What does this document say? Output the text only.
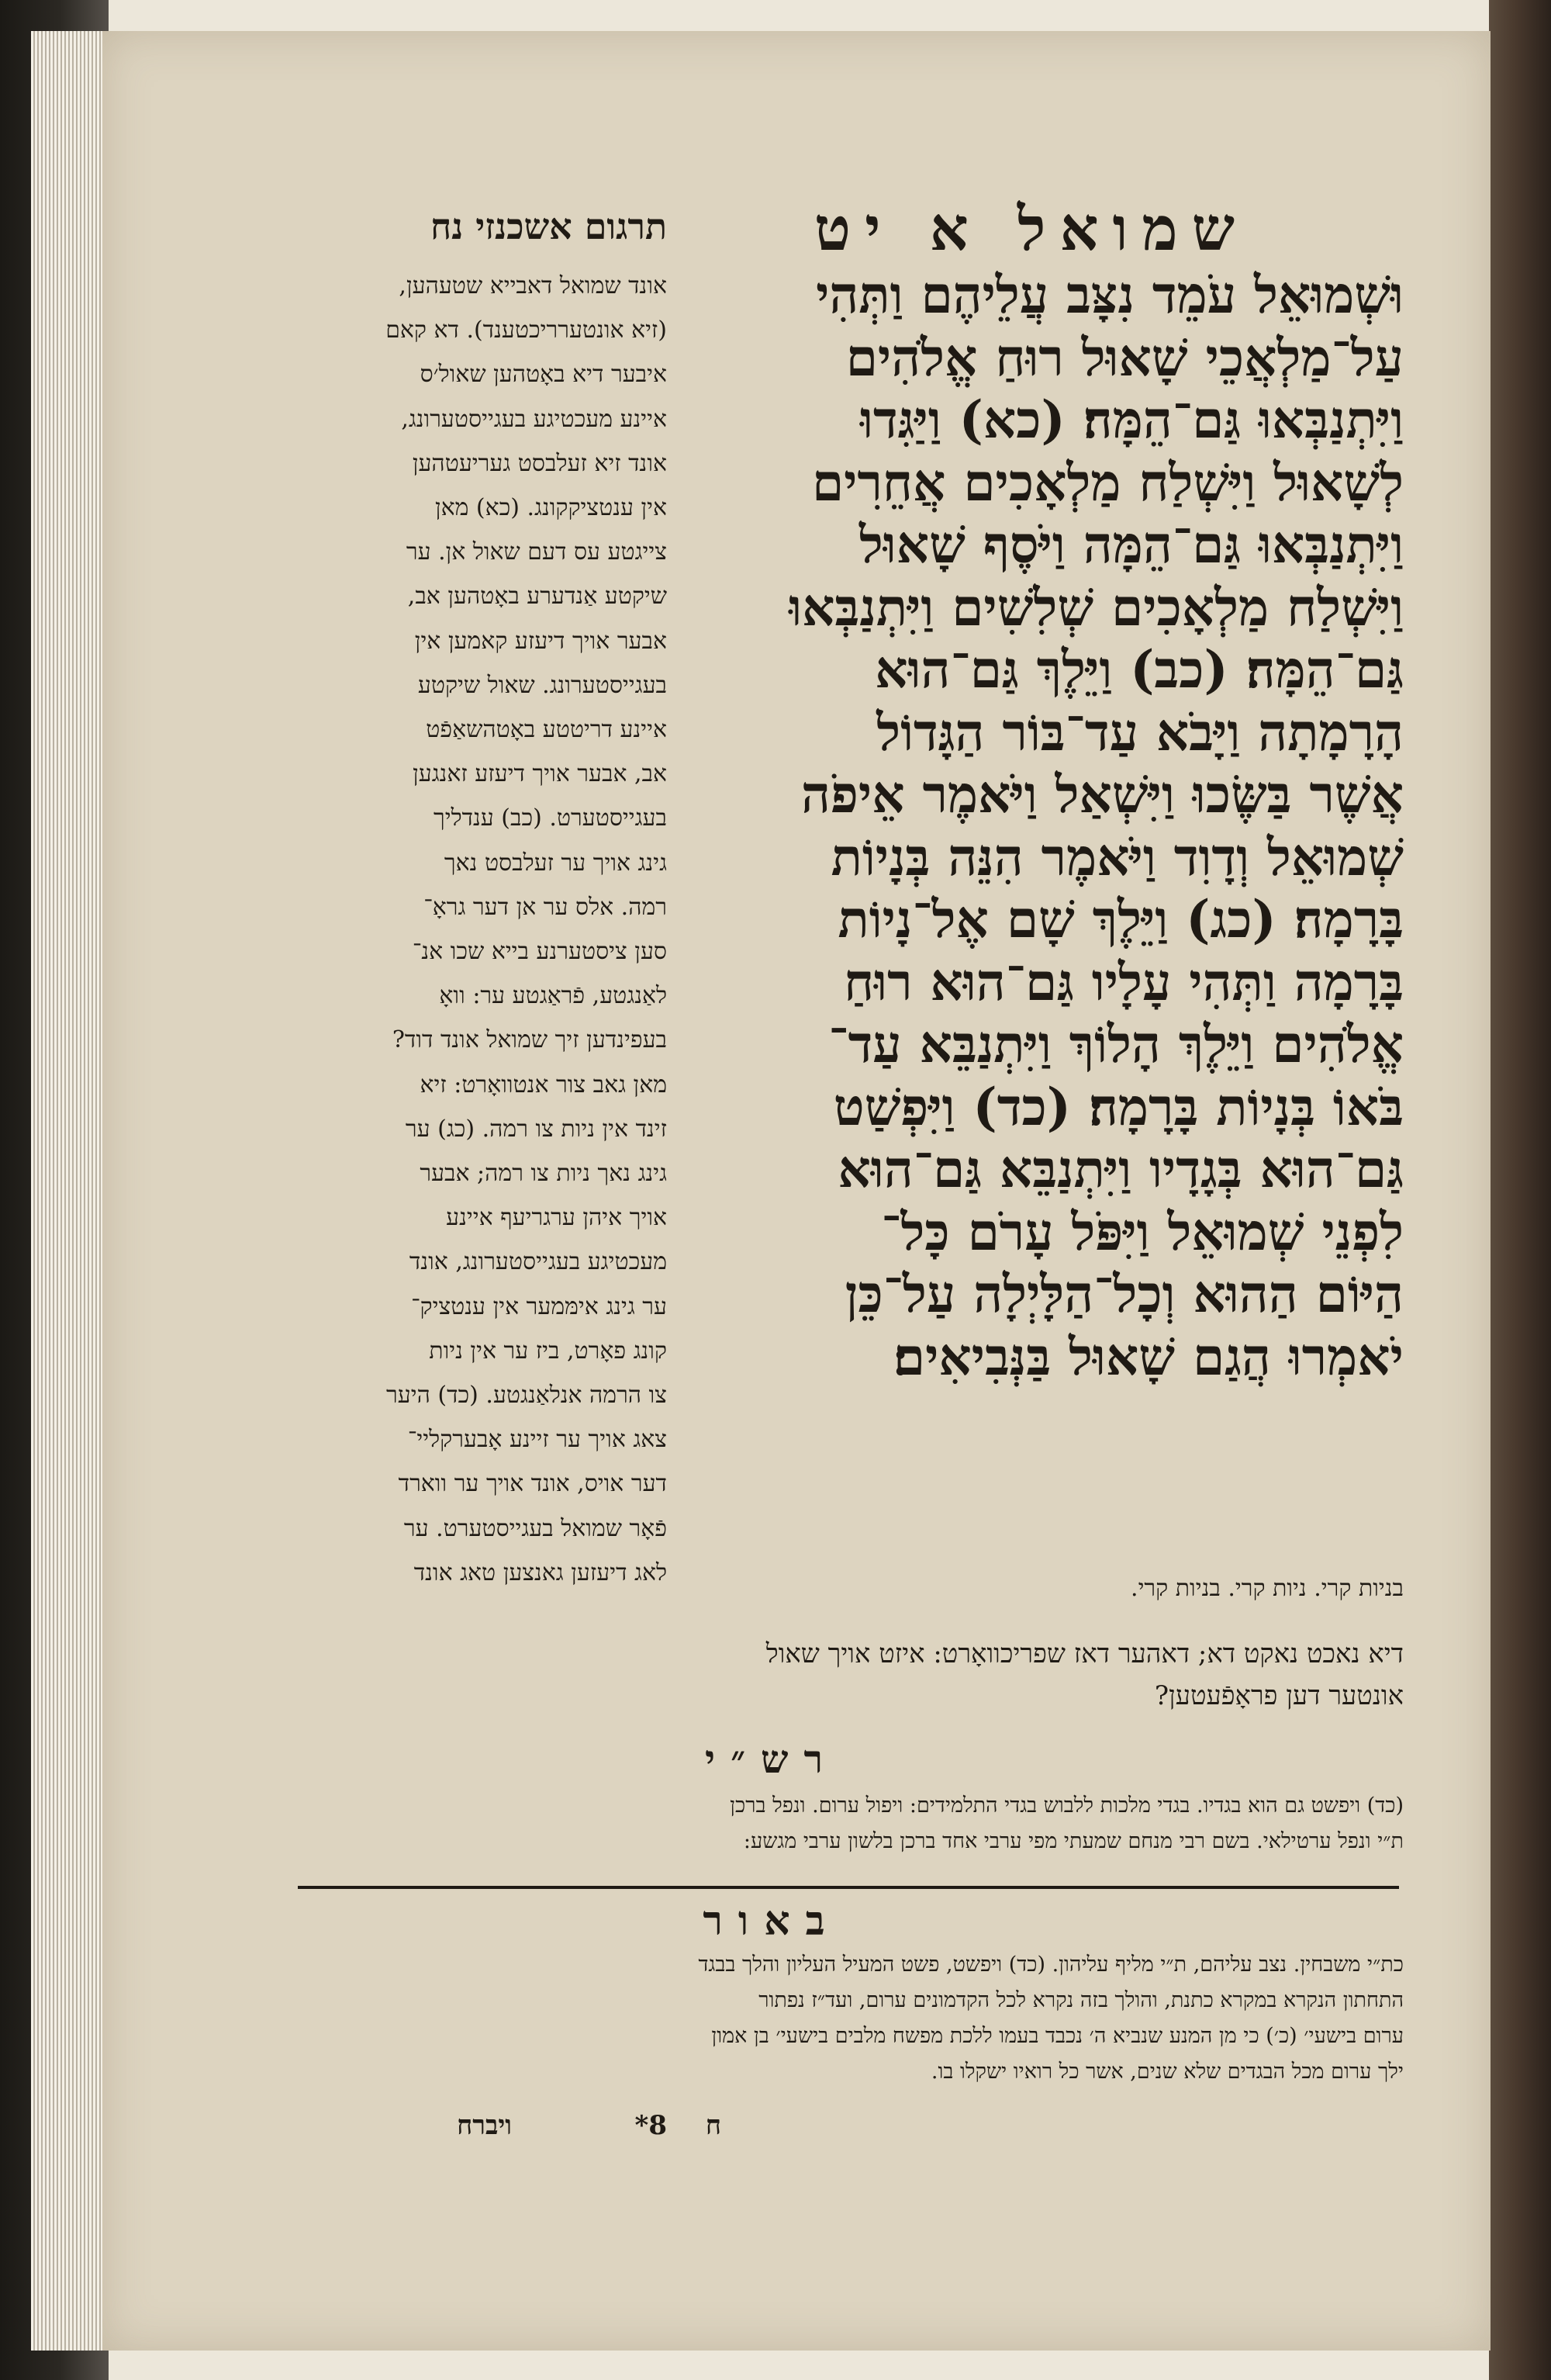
שמואל א יט
תרגום אשכנזי נח

וּשְׁמוּאֵל עֹמֵד נִצָּב עֲלֵיהֶם וַתְּהִי

עַל־מַלְאֲכֵי שָׁאוּל רוּחַ אֱלֹהִים

וַיִּתְנַבְּאוּ גַּם־הֵמָּה׃ (כא) וַיַּגִּדוּ

לְשָׁאוּל וַיִּשְׁלַח מַלְאָכִים אֲחֵרִים

וַיִּתְנַבְּאוּ גַּם־הֵמָּה וַיֹּסֶף שָׁאוּל

וַיִּשְׁלַח מַלְאָכִים שְׁלִשִׁים וַיִּתְנַבְּאוּ

גַּם־הֵמָּה׃ (כב) וַיֵּלֶךְ גַּם־הוּא

הָרָמָתָה וַיָּבֹא עַד־בּוֹר הַגָּדוֹל

אֲשֶׁר בַּשֶּׂכוּ וַיִּשְׁאַל וַיֹּאמֶר אֵיפֹה

שְׁמוּאֵל וְדָוִד וַיֹּאמֶר הִנֵּה בְּנָיוֹת

בָּרָמָה׃ (כג) וַיֵּלֶךְ שָׁם אֶל־נָיוֹת

בָּרָמָה וַתְּהִי עָלָיו גַּם־הוּא רוּחַ

אֱלֹהִים וַיֵּלֶךְ הָלוֹךְ וַיִּתְנַבֵּא עַד־

בֹּאוֹ בְּנָיוֹת בָּרָמָה׃ (כד) וַיִּפְשַׁט

גַּם־הוּא בְּגָדָיו וַיִּתְנַבֵּא גַּם־הוּא

לִפְנֵי שְׁמוּאֵל וַיִּפֹּל עָרֹם כָּל־

הַיּוֹם הַהוּא וְכָל־הַלָּיְלָה עַל־כֵּן

יֹאמְרוּ הֲגַם שָׁאוּל בַּנְּבִיאִים׃

אונד שמואל דאבייא שטעהען,

(זיא אונטערריכטענד). דא קאם

איבער דיא באָטהען שאול׳ס

איינע מעכטיגע בעגייסטערונג,

אונד זיא זעלבסט געריעטהען

אין ענטציקקונג. (כא) מאן

צייגטע עס דעם שאול אן. ער

שיקטע אַנדערע באָטהען אב,

אבער אויך דיעזע קאמען אין

בעגייסטערונג. שאול שיקטע

איינע דריטטע באָטהשאַפֿט

אב, אבער אויך דיעזע זאנגען

בעגייסטערט. (כב) ענדליך

גינג אויך ער זעלבסט נאך

רמה. אלס ער אן דער גראָ־

סען ציסטערנע בייא שכו אנ־

לאַנגטע, פֿראַגטע ער: וואָ

בעפינדען זיך שמואל אונד דוד?

מאן גאב צור אנטוואָרט: זיא

זינד אין ניות צו רמה. (כג) ער

גינג נאך ניות צו רמה; אבער

אויך איהן ערגריעף איינע

מעכטיגע בעגייסטערונג, אונד

ער גינג אימּמער אין ענטציק־

קונג פאָרט, ביז ער אין ניות

צו הרמה אנלאַנגטע. (כד) היער

צאג אויך ער זיינע אָבערקליי־

דער אויס, אונד אויך ער ווארד

פֿאָר שמואל בעגייסטערט. ער

לאג דיעזען גאנצען טאג אונד

בניות קרי. ניות קרי. בניות קרי.

דיא נאכט נאקט דא; דאהער דאז שפריכוואָרט: איזט אויך שאול

אונטער דען פראָפֿעטען?

רש״י

(כד) ויפשט גם הוא בגדיו. בגדי מלכות ללבוש בגדי התלמידים: ויפול ערום. ונפל ברכן

ת״י ונפל ערטילאי. בשם רבי מנחם שמעתי מפי ערבי אחד ברכן בלשון ערבי מגשע:

באור

כת״י משבחין. נצב עליהם, ת״י מליף עליהון. (כד) ויפשט, פשט המעיל העליון והלך בבגד

התחתון הנקרא במקרא כתנת, והולך בזה נקרא לכל הקדמונים ערום, ועד״ז נפתור

ערום בישעי׳ (כ׳) כי מן המנע שנביא ה׳ נכבד בעמו ללכת מפשח מלבים בישעי׳ בן אמון

ילך ערום מכל הבגדים שלא שנים, אשר כל רואיו ישקלו בו.

ח
8*
ויברח
